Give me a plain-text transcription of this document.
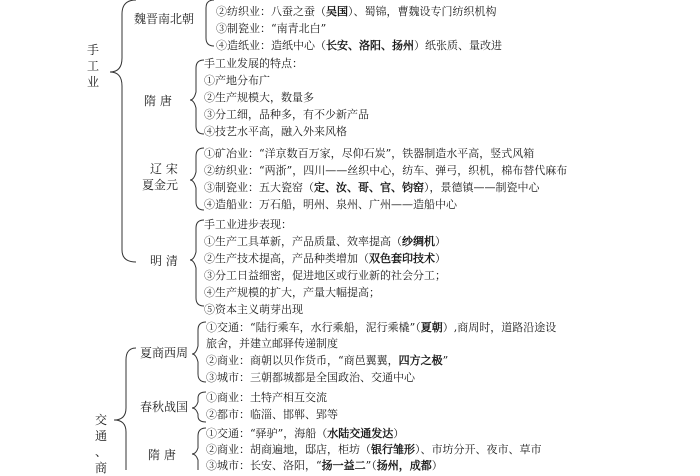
手
工
业
交
通
、
商
魏晋南北朝
隋 唐
辽 宋
夏金元
明 清
夏商西周
春秋战国
隋 唐
②纺织业：八蚕之蚕（吴国）、蜀锦，曹魏设专门纺织机构
③制瓷业：“南青北白”
④造纸业：造纸中心（长安、洛阳、扬州）纸张质、量改进
手工业发展的特点：
①产地分布广
②生产规模大，数量多
③分工细，品种多，有不少新产品
④技艺水平高，融入外来风格
①矿冶业：“洋京数百万家，尽仰石炭”，铁器制造水平高，竖式风箱
②纺织业：“两浙”，四川——丝织中心，纺车、弹弓，织机，棉布替代麻布
③制瓷业：五大瓷窑（定、汝、哥、官、钧窑），景德镇——制瓷中心
④造船业：万石船，明州、泉州、广州——造船中心
手工业进步表现：
①生产工具革新，产品质量、效率提高（纱绸机）
②生产技术提高，产品种类增加（双色套印技术）
③分工日益细密，促进地区或行业新的社会分工；
④生产规模的扩大，产量大幅提高；
⑤资本主义萌芽出现
①交通：“陆行乘车，水行乘船，泥行乘橇”（夏朝）,商周时，道路沿途设
旅舍，并建立邮驿传递制度
②商业：商朝以贝作货币，“商邑翼翼，四方之极”
③城市：三朝都城都是全国政治、交通中心
①商业：土特产相互交流
②都市：临淄、邯郸、郢等
①交通：“驿驴”，海船（水陆交通发达）
②商业：胡商遍地，邸店，柜坊（银行雏形）、市坊分开、夜市、草市
③城市：长安、洛阳，“扬一益二”（扬州，成都）
